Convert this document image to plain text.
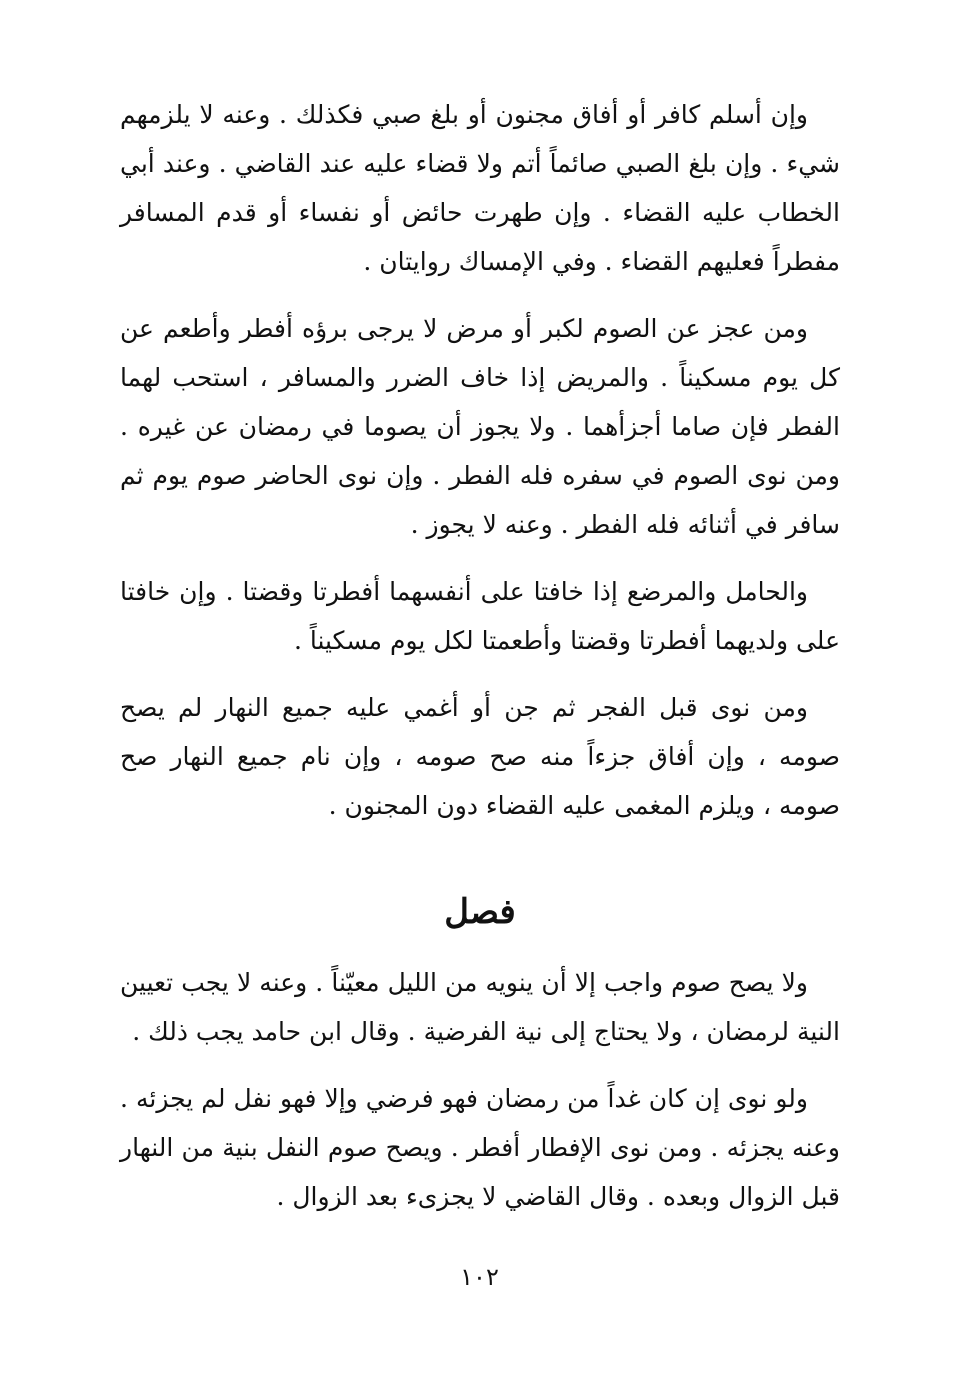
وإن أسلم كافر أو أفاق مجنون أو بلغ صبي فكذلك . وعنه لا يلزمهم شيء . وإن بلغ الصبي صائماً أتم ولا قضاء عليه عند القاضي . وعند أبي الخطاب عليه القضاء . وإن طهرت حائض أو نفساء أو قدم المسافر مفطراً فعليهم القضاء . وفي الإمساك روايتان .

ومن عجز عن الصوم لكبر أو مرض لا يرجى برؤه أفطر وأطعم عن كل يوم مسكيناً . والمريض إذا خاف الضرر والمسافر ، استحب لهما الفطر فإن صاما أجزأهما . ولا يجوز أن يصوما في رمضان عن غيره . ومن نوى الصوم في سفره فله الفطر . وإن نوى الحاضر صوم يوم ثم سافر في أثنائه فله الفطر . وعنه لا يجوز .

والحامل والمرضع إذا خافتا على أنفسهما أفطرتا وقضتا . وإن خافتا على ولديهما أفطرتا وقضتا وأطعمتا لكل يوم مسكيناً .

ومن نوى قبل الفجر ثم جن أو أغمي عليه جميع النهار لم يصح صومه ، وإن أفاق جزءاً منه صح صومه ، وإن نام جميع النهار صح صومه ، ويلزم المغمى عليه القضاء دون المجنون .

فصل

ولا يصح صوم واجب إلا أن ينويه من الليل معيّناً . وعنه لا يجب تعيين النية لرمضان ، ولا يحتاج إلى نية الفرضية . وقال ابن حامد يجب ذلك .

ولو نوى إن كان غداً من رمضان فهو فرضي وإلا فهو نفل لم يجزئه . وعنه يجزئه . ومن نوى الإفطار أفطر . ويصح صوم النفل بنية من النهار قبل الزوال وبعده . وقال القاضي لا يجزىء بعد الزوال .

١٠٢
